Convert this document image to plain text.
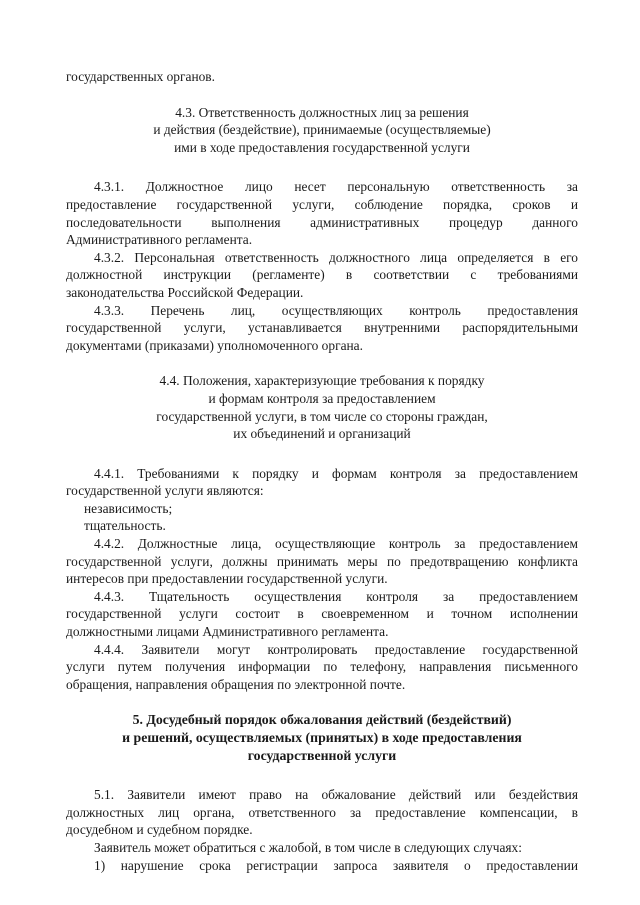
государственных органов.

4.3. Ответственность должностных лиц за решения

и действия (бездействие), принимаемые (осуществляемые)

ими в ходе предоставления государственной услуги

4.3.1. Должностное лицо несет персональную ответственность за

предоставление государственной услуги, соблюдение порядка, сроков и

последовательности выполнения административных процедур данного

Административного регламента.

4.3.2. Персональная ответственность должностного лица определяется в его

должностной инструкции (регламенте) в соответствии с требованиями

законодательства Российской Федерации.

4.3.3. Перечень лиц, осуществляющих контроль предоставления

государственной услуги, устанавливается внутренними распорядительными

документами (приказами) уполномоченного органа.

4.4. Положения, характеризующие требования к порядку

и формам контроля за предоставлением

государственной услуги, в том числе со стороны граждан,

их объединений и организаций

4.4.1. Требованиями к порядку и формам контроля за предоставлением

государственной услуги являются:

независимость;

тщательность.

4.4.2. Должностные лица, осуществляющие контроль за предоставлением

государственной услуги, должны принимать меры по предотвращению конфликта

интересов при предоставлении государственной услуги.

4.4.3. Тщательность осуществления контроля за предоставлением

государственной услуги состоит в своевременном и точном исполнении

должностными лицами Административного регламента.

4.4.4. Заявители могут контролировать предоставление государственной

услуги путем получения информации по телефону, направления письменного

обращения, направления обращения по электронной почте.

5. Досудебный порядок обжалования действий (бездействий)

и решений, осуществляемых (принятых) в ходе предоставления

государственной услуги

5.1. Заявители имеют право на обжалование действий или бездействия

должностных лиц органа, ответственного за предоставление компенсации, в

досудебном и судебном порядке.

Заявитель может обратиться с жалобой, в том числе в следующих случаях:

1) нарушение срока регистрации запроса заявителя о предоставлении
